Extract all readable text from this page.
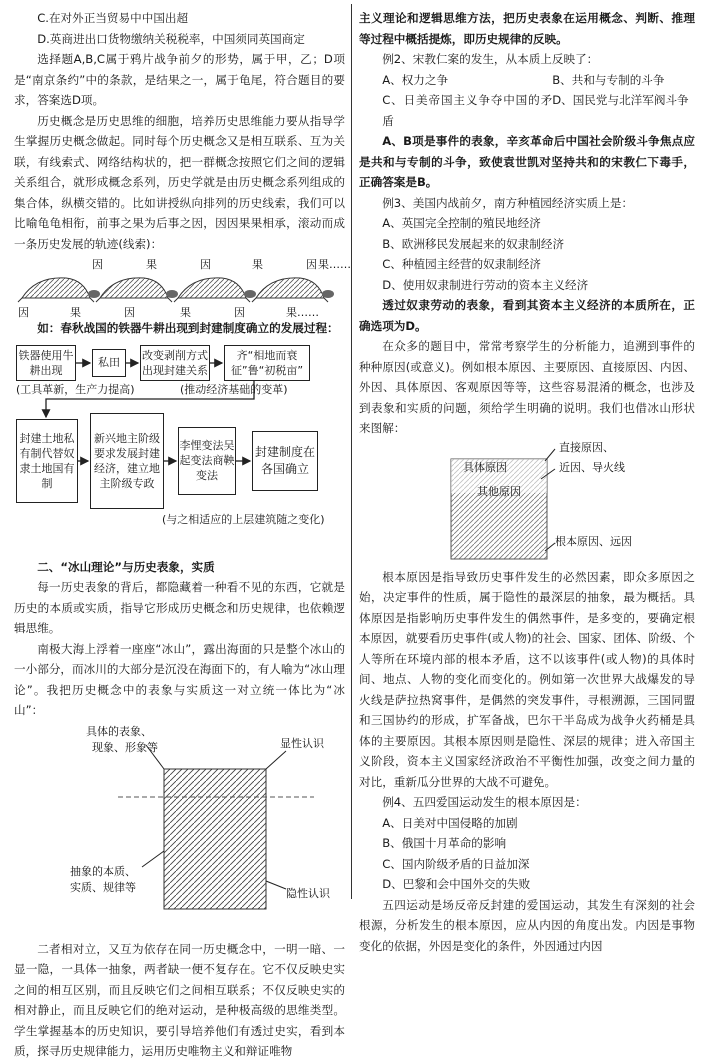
C.在对外正当贸易中中国出超

D.英商进出口货物缴纳关税税率，中国须同英国商定

选择题A,B,C属于鸦片战争前夕的形势，属于甲，乙；D项是“南京条约”中的条款，是结果之一，属于龟尾，符合题目的要求，答案选D项。

历史概念是历史思维的细胞，培养历史思维能力要从指导学生掌握历史概念做起。同时每个历史概念又是相互联系、互为关联，有线索式、网络结构状的，把一群概念按照它们之间的逻辑关系组合，就形成概念系列，历史学就是由历史概念系列组成的集合体，纵横交错的。比如讲授纵向排列的历史线索，我们可以比喻龟龟相衔，前事之果为后事之因，因因果果相承，滚动而成一条历史发展的轨迹(线索)：

因	果	因	果	因 果……
因	果	因	果	因	果……

如：春秋战国的铁器牛耕出现到封建制度确立的发展过程：

铁器使用牛耕出现
私田
改变剥削方式出现封建关系
齐“相地而衰征”鲁“初税亩”
(工具革新，生产力提高)	(推动经济基础的变革)
封建土地私有制代替奴隶土地国有制
新兴地主阶级要求发展封建经济，建立地主阶级专政
李悝变法吴起变法商鞅变法
封建制度在各国确立
(与之相适应的上层建筑随之变化)

二、“冰山理论”与历史表象，实质

每一历史表象的背后，都隐藏着一种看不见的东西，它就是历史的本质或实质，指导它形成历史概念和历史规律，也依赖逻辑思维。

南极大海上浮着一座座“冰山”，露出海面的只是整个冰山的一小部分，而冰川的大部分是沉没在海面下的，有人喻为“冰山理论”。我把历史概念中的表象与实质这一对立统一体比为“冰山”：

具体的表象、
现象、形象等	显性认识
抽象的本质、
实质、规律等	隐性认识

二者相对立，又互为依存在同一历史概念中，一明一暗、一显一隐，一具体一抽象，两者缺一便不复存在。它不仅反映史实之间的相互区别，而且反映它们之间相互联系；不仅反映史实的相对静止，而且反映它们的绝对运动，是种极高级的思维类型。学生掌握基本的历史知识，要引导培养他们有透过史实，看到本质，探寻历史规律能力，运用历史唯物主义和辩证唯物

主义理论和逻辑思维方法，把历史表象在运用概念、判断、推理等过程中概括提炼，即历史规律的反映。

例2、宋教仁案的发生，从本质上反映了：

A、权力之争	B、共和与专制的斗争

C、日美帝国主义争夺中国的矛盾

D、国民党与北洋军阀斗争

A、B项是事件的表象，辛亥革命后中国社会阶级斗争焦点应是共和与专制的斗争，致使袁世凯对坚持共和的宋教仁下毒手，正确答案是B。

例3、美国内战前夕，南方种植园经济实质上是：

A、英国完全控制的殖民地经济

B、欧洲移民发展起来的奴隶制经济

C、种植园主经营的奴隶制经济

D、使用奴隶制进行劳动的资本主义经济

透过奴隶劳动的表象，看到其资本主义经济的本质所在，正确选项为D。

在众多的题目中，常常考察学生的分析能力，追溯到事件的种种原因(或意义)。例如根本原因、主要原因、直接原因、内因、外因、具体原因、客观原因等等，这些容易混淆的概念，也涉及到表象和实质的问题，须给学生明确的说明。我们也借冰山形状来图解：

直接原因、
近因、导火线
具体原因
其他原因
根本原因、远因

根本原因是指导致历史事件发生的必然因素，即众多原因之始，决定事件的性质，属于隐性的最深层的抽象，最为概括。具体原因是指影响历史事件发生的偶然事件，是多变的，要确定根本原因，就要看历史事件(或人物)的社会、国家、团体、阶级、个人等所在环境内部的根本矛盾，这不以该事件(或人物)的具体时间、地点、人物的变化而变化的。例如第一次世界大战爆发的导火线是萨拉热窝事件，是偶然的突发事件，寻根溯源，三国同盟和三国协约的形成，扩军备战，巴尔干半岛成为战争火药桶是具体的主要原因。其根本原因则是隐性、深层的规律；进入帝国主义阶段，资本主义国家经济政治不平衡性加强，改变之间力量的对比，重新瓜分世界的大战不可避免。

例4、五四爱国运动发生的根本原因是：

A、日美对中国侵略的加剧

B、俄国十月革命的影响

C、国内阶级矛盾的日益加深

D、巴黎和会中国外交的失败

五四运动是场反帝反封建的爱国运动，其发生有深刻的社会根源，分析发生的根本原因，应从内因的角度出发。内因是事物变化的依据，外因是变化的条件，外因通过内因
